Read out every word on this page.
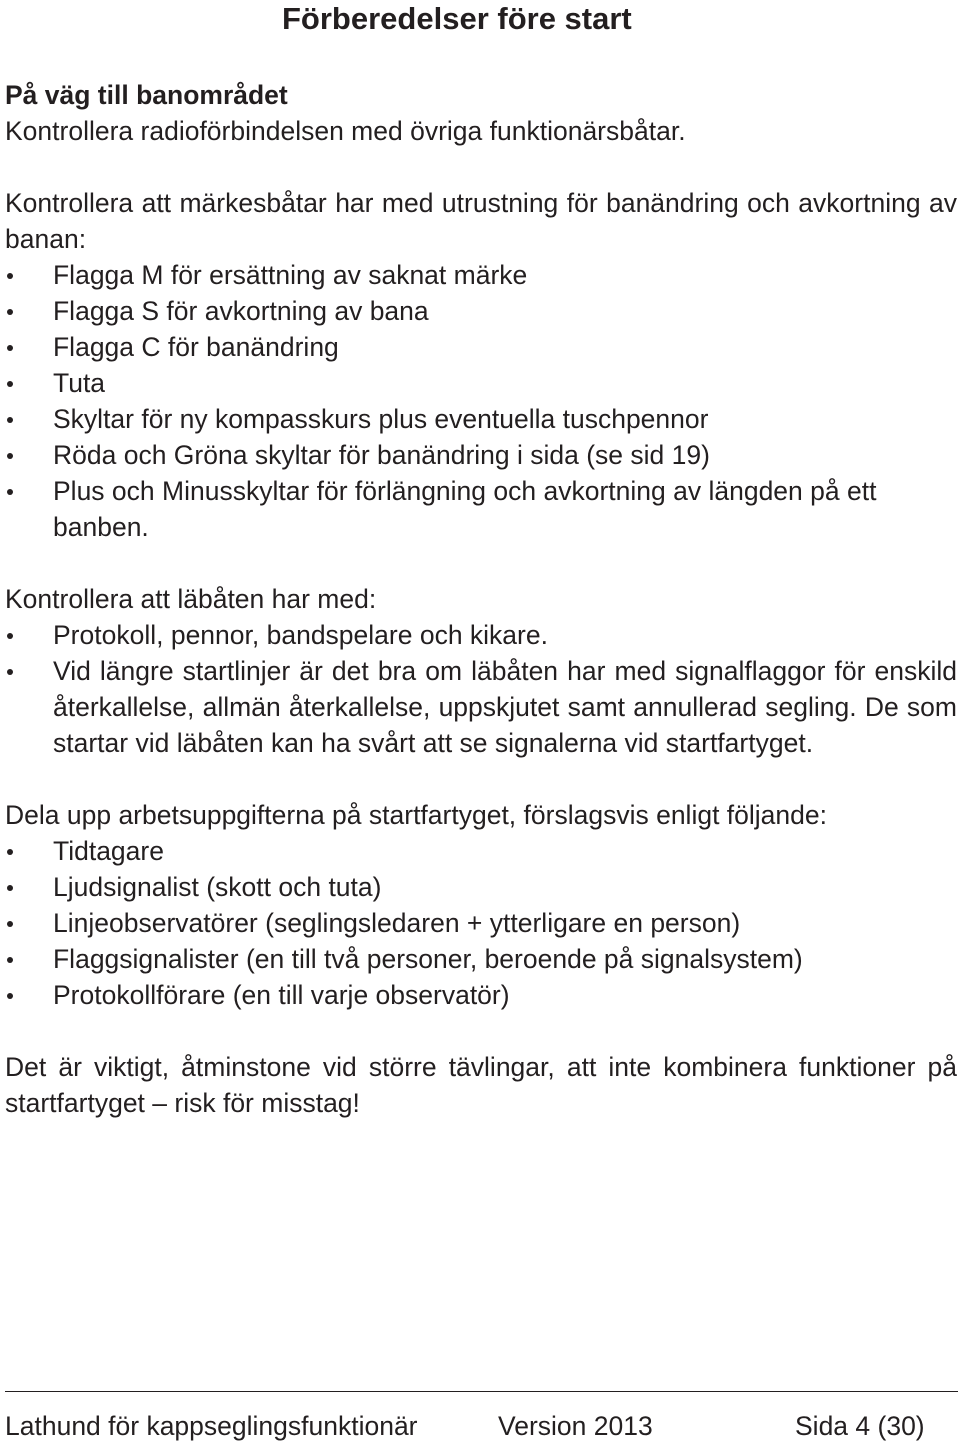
Förberedelser före start

På väg till banområdet

Kontrollera radioförbindelsen med övriga funktionärsbåtar.

Kontrollera att märkesbåtar har med utrustning för banändring och avkortning av banan:

Flagga M för ersättning av saknat märke
Flagga S för avkortning av bana
Flagga C för banändring
Tuta
Skyltar för ny kompasskurs plus eventuella tuschpennor
Röda och Gröna skyltar för banändring i sida (se sid 19)
Plus och Minusskyltar för förlängning och avkortning av längden på ett banben.

Kontrollera att läbåten har med:

Protokoll, pennor, bandspelare och kikare.
Vid längre startlinjer är det bra om läbåten har med signalflaggor för enskild återkallelse, allmän återkallelse, uppskjutet samt annullerad segling. De som startar vid läbåten kan ha svårt att se signalerna vid startfartyget.

Dela upp arbetsuppgifterna på startfartyget, förslagsvis enligt följande:

Tidtagare
Ljudsignalist (skott och tuta)
Linjeobservatörer (seglingsledaren + ytterligare en person)
Flaggsignalister (en till två personer, beroende på signalsystem)
Protokollförare (en till varje observatör)

Det är viktigt, åtminstone vid större tävlingar, att inte kombinera funktioner på startfartyget – risk för misstag!

Lathund för kappseglingsfunktionär	Version 2013	Sida 4 (30)
